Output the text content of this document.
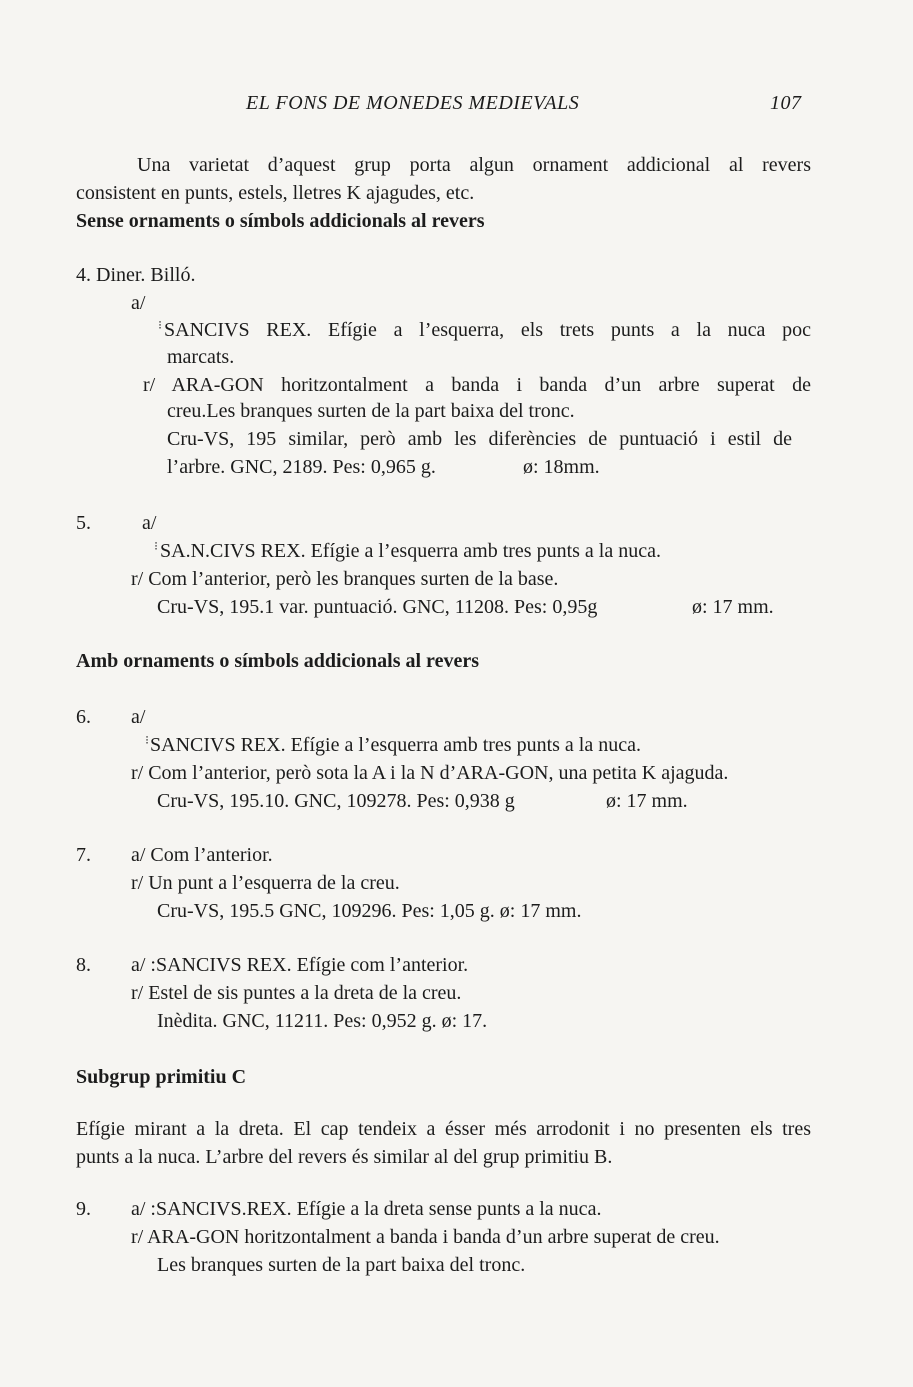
EL FONS DE MONEDES MEDIEVALS	107
Una varietat d’aquest grup porta algun ornament addicional al revers
consistent en punts, estels, lletres K ajagudes, etc.
Sense ornaments o símbols addicionals al revers
4. Diner. Billó.
a/
⁝ SANCIVS REX. Efígie a l’esquerra, els trets punts a la nuca poc
marcats.
r/ ARA-GON horitzontalment a banda i banda d’un arbre superat de
creu.Les branques surten de la part baixa del tronc.
Cru-VS, 195 similar, però amb les diferències de puntuació i estil de
l’arbre. GNC, 2189. Pes: 0,965 g.	ø: 18mm.
5.	a/
⁝ SA.N.CIVS REX. Efígie a l’esquerra amb tres punts a la nuca.
r/ Com l’anterior, però les branques surten de la base.
Cru-VS, 195.1 var. puntuació. GNC, 11208. Pes: 0,95g	ø: 17 mm.
Amb ornaments o símbols addicionals al revers
6. a/
⁝ SANCIVS REX. Efígie a l’esquerra amb tres punts a la nuca.
r/ Com l’anterior, però sota la A i la N d’ARA-GON, una petita K ajaguda.
Cru-VS, 195.10. GNC, 109278. Pes: 0,938 g	ø: 17 mm.
7. a/ Com l’anterior.
r/ Un punt a l’esquerra de la creu.
Cru-VS, 195.5 GNC, 109296. Pes: 1,05 g. ø: 17 mm.
8. a/ :SANCIVS REX. Efígie com l’anterior.
r/ Estel de sis puntes a la dreta de la creu.
Inèdita. GNC, 11211. Pes: 0,952 g. ø: 17.
Subgrup primitiu C
Efígie mirant a la dreta. El cap tendeix a ésser més arrodonit i no presenten els tres
punts a la nuca. L’arbre del revers és similar al del grup primitiu B.
9. a/ :SANCIVS.REX. Efígie a la dreta sense punts a la nuca.
r/ ARA-GON horitzontalment a banda i banda d’un arbre superat de creu.
Les branques surten de la part baixa del tronc.
